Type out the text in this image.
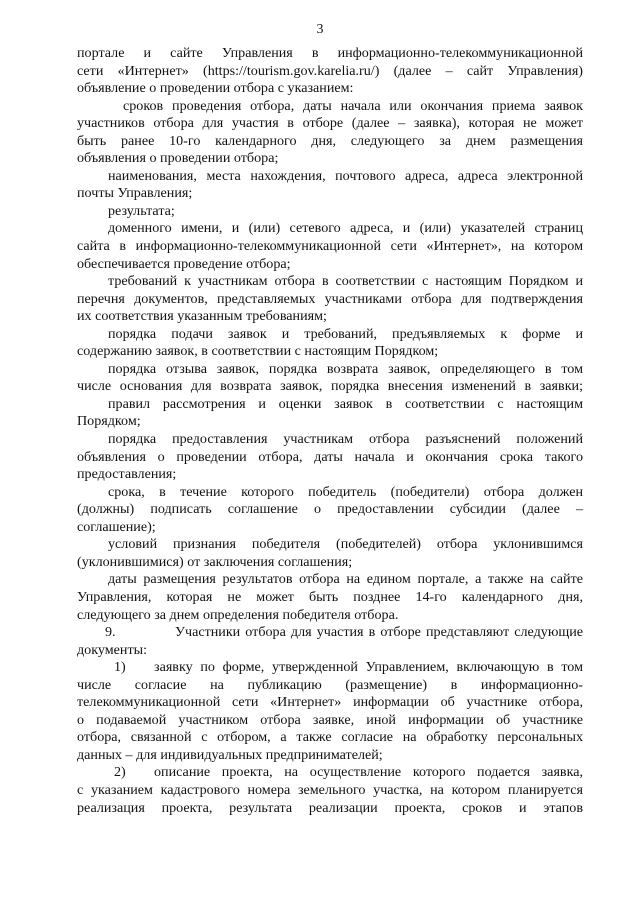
3
порталe и сайте Управления в информационно-телекоммуникационной
сети «Интернет» (https://tourism.gov.karelia.ru/) (далее – сайт Управления)
объявление о проведении отбора с указанием:
сроков проведения отбора, даты начала или окончания приема заявок
участников отбора для участия в отборе (далее – заявка), которая не может
быть ранее 10-го календарного дня, следующего за днем размещения
объявления о проведении отбора;
наименования, места нахождения, почтового адреса, адреса электронной
почты Управления;
результата;
доменного имени, и (или) сетевого адреса, и (или) указателей страниц
сайта в информационно-телекоммуникационной сети «Интернет», на котором
обеспечивается проведение отбора;
требований к участникам отбора в соответствии с настоящим Порядком и
перечня документов, представляемых участниками отбора для подтверждения
их соответствия указанным требованиям;
порядка подачи заявок и требований, предъявляемых к форме и
содержанию заявок, в соответствии с настоящим Порядком;
порядка отзыва заявок, порядка возврата заявок, определяющего в том
числе основания для возврата заявок, порядка внесения изменений в заявки;
правил рассмотрения и оценки заявок в соответствии с настоящим
Порядком;
порядка предоставления участникам отбора разъяснений положений
объявления о проведении отбора, даты начала и окончания срока такого
предоставления;
срока, в течение которого победитель (победители) отбора должен
(должны) подписать соглашение о предоставлении субсидии (далее –
соглашение);
условий признания победителя (победителей) отбора уклонившимся
(уклонившимися) от заключения соглашения;
даты размещения результатов отбора на едином портале, а также на сайте
Управления, которая не может быть позднее 14-го календарного дня,
следующего за днем определения победителя отбора.
9.	Участники отбора для участия в отборе представляют следующие
документы:
1) заявку по форме, утвержденной Управлением, включающую в том
числе согласие на публикацию (размещение) в информационно-
телекоммуникационной сети «Интернет» информации об участнике отбора,
о подаваемой участником отбора заявке, иной информации об участнике
отбора, связанной с отбором, а также согласие на обработку персональных
данных – для индивидуальных предпринимателей;
2) описание проекта, на осуществление которого подается заявка,
с указанием кадастрового номера земельного участка, на котором планируется
реализация проекта, результата реализации проекта, сроков и этапов
